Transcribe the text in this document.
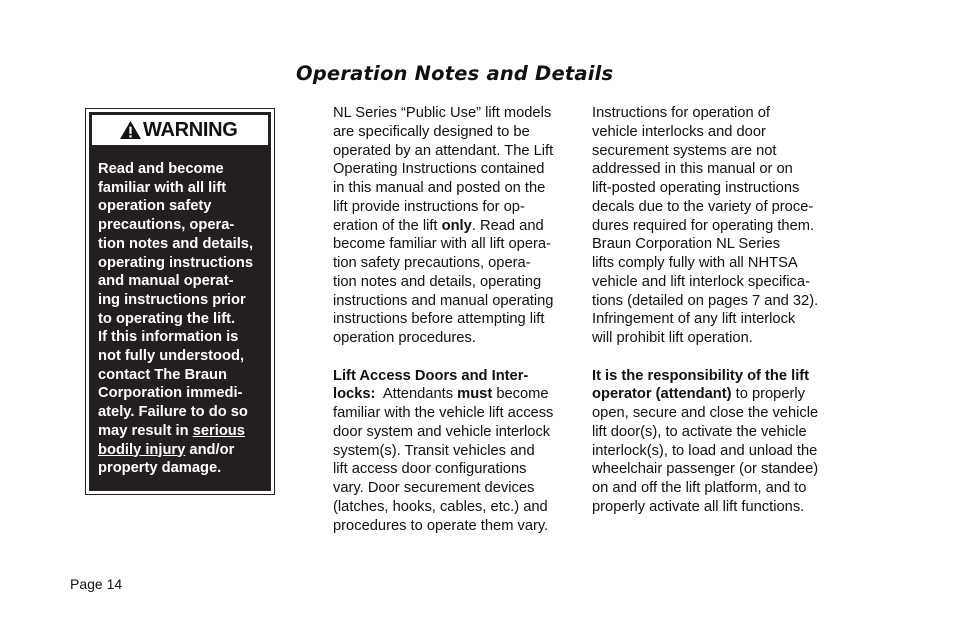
Operation Notes and Details
WARNING
Read and become
familiar with all lift
operation safety
precautions, opera-
tion notes and details,
operating instructions
and manual operat-
ing instructions prior
to operating the lift.
If this information is
not fully understood,
contact The Braun
Corporation immedi-
ately. Failure to do so
may result in serious
bodily injury and/or
property damage.

NL Series “Public Use” lift models
are specifically designed to be
operated by an attendant. The Lift
Operating Instructions contained
in this manual and posted on the
lift provide instructions for op-
eration of the lift only. Read and
become familiar with all lift opera-
tion safety precautions, opera-
tion notes and details, operating
instructions and manual operating
instructions before attempting lift
operation procedures.

Lift Access Doors and Inter-
locks: Attendants must become
familiar with the vehicle lift access
door system and vehicle interlock
system(s). Transit vehicles and
lift access door configurations
vary. Door securement devices
(latches, hooks, cables, etc.) and
procedures to operate them vary.

Instructions for operation of
vehicle interlocks and door
securement systems are not
addressed in this manual or on
lift-posted operating instructions
decals due to the variety of proce-
dures required for operating them.
Braun Corporation NL Series
lifts comply fully with all NHTSA
vehicle and lift interlock specifica-
tions (detailed on pages 7 and 32).
Infringement of any lift interlock
will prohibit lift operation.

It is the responsibility of the lift
operator (attendant) to properly
open, secure and close the vehicle
lift door(s), to activate the vehicle
interlock(s), to load and unload the
wheelchair passenger (or standee)
on and off the lift platform, and to
properly activate all lift functions.

Page 14
